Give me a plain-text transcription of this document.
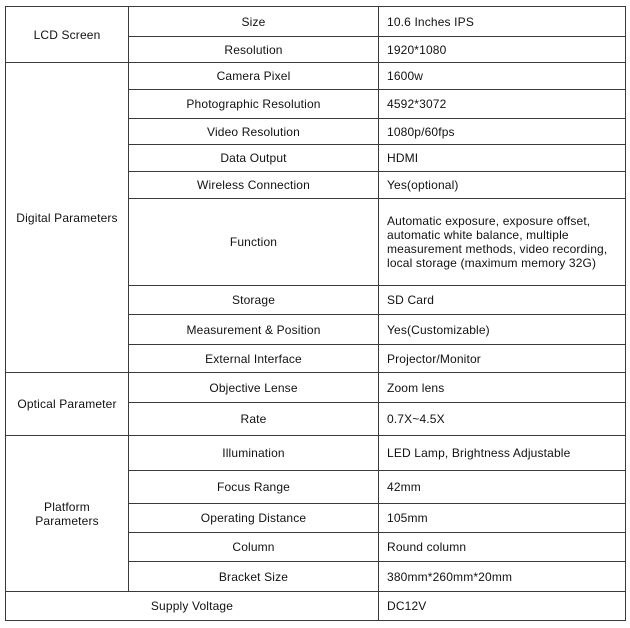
LCD Screen	Size	10.6 Inches IPS
	Resolution	1920*1080
Digital Parameters	Camera Pixel	1600w
	Photographic Resolution	4592*3072
	Video Resolution	1080p/60fps
	Data Output	HDMI
	Wireless Connection	Yes(optional)
	Function	Automatic exposure, exposure offset,
automatic white balance, multiple
measurement methods, video recording,
local storage (maximum memory 32G)
	Storage	SD Card
	Measurement & Position	Yes(Customizable)
	External Interface	Projector/Monitor
Optical Parameter	Objective Lense	Zoom lens
	Rate	0.7X~4.5X
Platform Parameters	Illumination	LED Lamp, Brightness Adjustable
	Focus Range	42mm
	Operating Distance	105mm
	Column	Round column
	Bracket Size	380mm*260mm*20mm
Supply Voltage		DC12V
